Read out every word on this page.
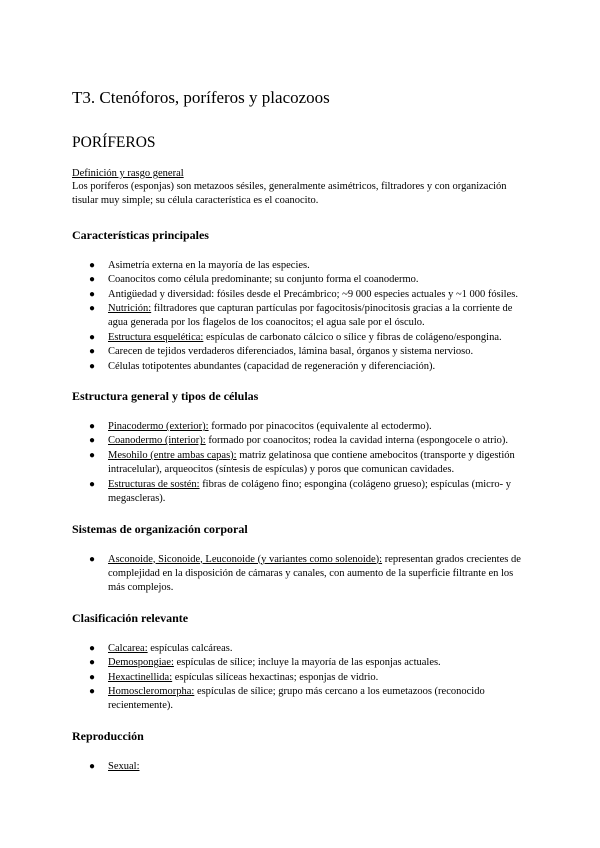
T3. Ctenóforos, poríferos y placozoos
PORÍFEROS

Definición y rasgo general

Los poríferos (esponjas) son metazoos sésiles, generalmente asimétricos, filtradores y con organización tisular muy simple; su célula característica es el coanocito.

Características principales
● Asimetría externa en la mayoría de las especies.
● Coanocitos como célula predominante; su conjunto forma el coanodermo.
● Antigüedad y diversidad: fósiles desde el Precámbrico; ~9 000 especies actuales y ~1 000 fósiles.
● Nutrición: filtradores que capturan partículas por fagocitosis/pinocitosis gracias a la corriente de agua generada por los flagelos de los coanocitos; el agua sale por el ósculo.
● Estructura esquelética: espículas de carbonato cálcico o sílice y fibras de colágeno/espongina.
● Carecen de tejidos verdaderos diferenciados, lámina basal, órganos y sistema nervioso.
● Células totipotentes abundantes (capacidad de regeneración y diferenciación).
Estructura general y tipos de células
● Pinacodermo (exterior): formado por pinacocitos (equivalente al ectodermo).
● Coanodermo (interior): formado por coanocitos; rodea la cavidad interna (espongocele o atrio).
● Mesohilo (entre ambas capas): matriz gelatinosa que contiene amebocitos (transporte y digestión intracelular), arqueocitos (síntesis de espículas) y poros que comunican cavidades.
● Estructuras de sostén: fibras de colágeno fino; espongina (colágeno grueso); espículas (micro- y megascleras).
Sistemas de organización corporal
● Asconoide, Siconoide, Leuconoide (y variantes como solenoide): representan grados crecientes de complejidad en la disposición de cámaras y canales, con aumento de la superficie filtrante en los más complejos.
Clasificación relevante
● Calcarea: espículas calcáreas.
● Demospongiae: espículas de sílice; incluye la mayoría de las esponjas actuales.
● Hexactinellida: espículas silíceas hexactinas; esponjas de vidrio.
● Homoscleromorpha: espículas de sílice; grupo más cercano a los eumetazoos (reconocido recientemente).
Reproducción
● Sexual:
